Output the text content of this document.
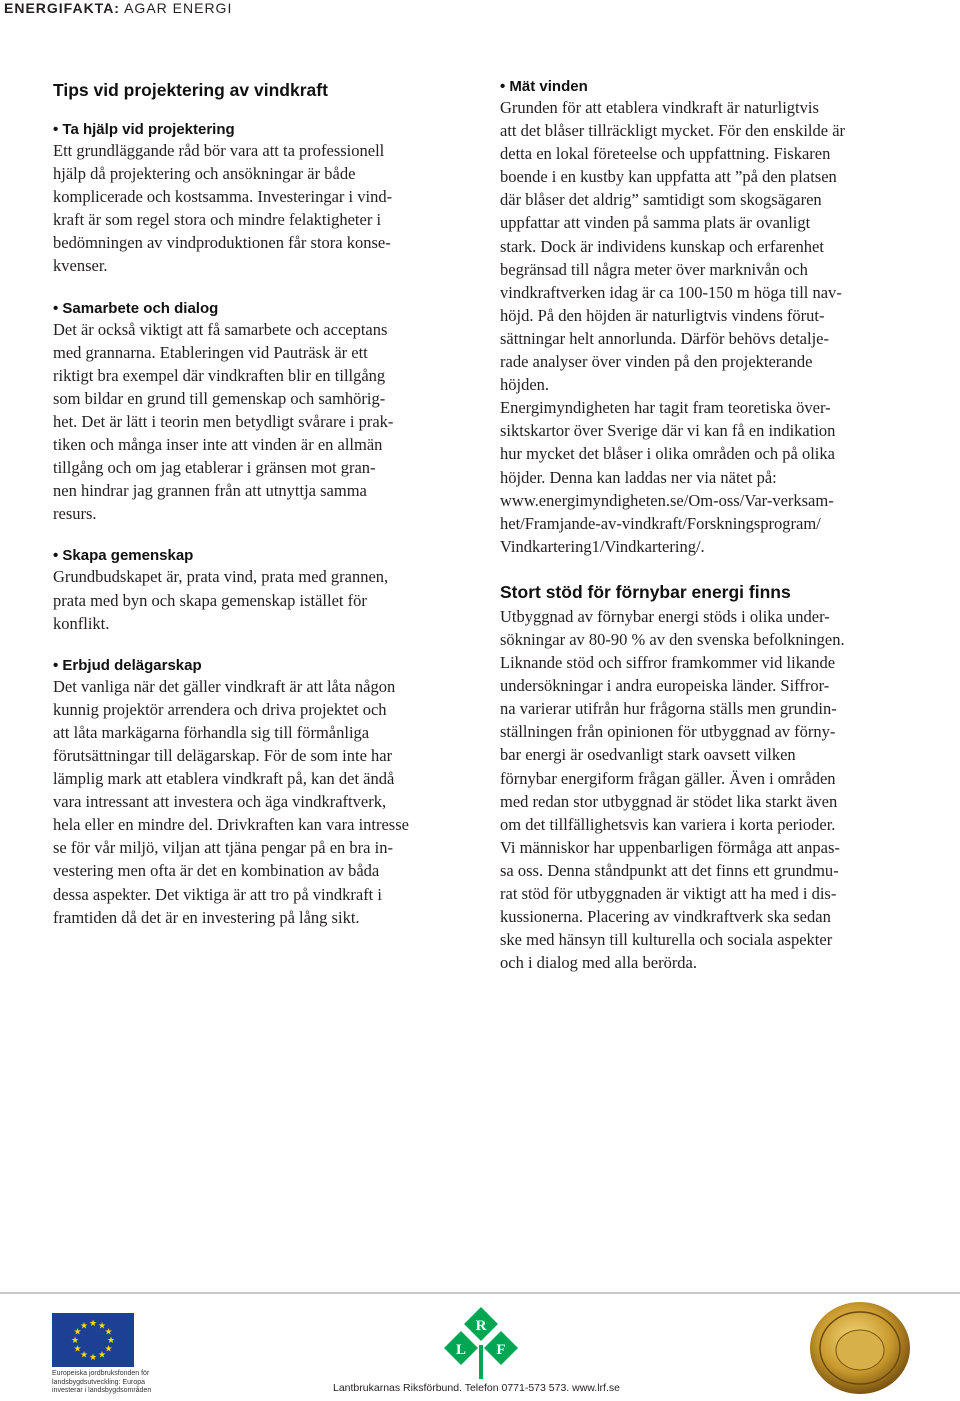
ENERGIFAKTA: AGAR ENERGI
Tips vid projektering av vindkraft

• Ta hjälp vid projektering

Ett grundläggande råd bör vara att ta professionell
hjälp då projektering och ansökningar är både
komplicerade och kostsamma. Investeringar i vind-
kraft är som regel stora och mindre felaktigheter i
bedömningen av vindproduktionen får stora konse-
kvenser.

• Samarbete och dialog

Det är också viktigt att få samarbete och acceptans
med grannarna. Etableringen vid Pauträsk är ett
riktigt bra exempel där vindkraften blir en tillgång
som bildar en grund till gemenskap och samhörig-
het. Det är lätt i teorin men betydligt svårare i prak-
tiken och många inser inte att vinden är en allmän
tillgång och om jag etablerar i gränsen mot gran-
nen hindrar jag grannen från att utnyttja samma
resurs.

• Skapa gemenskap

Grundbudskapet är, prata vind, prata med grannen,
prata med byn och skapa gemenskap istället för
konflikt.

• Erbjud delägarskap

Det vanliga när det gäller vindkraft är att låta någon
kunnig projektör arrendera och driva projektet och
att låta markägarna förhandla sig till förmånliga
förutsättningar till delägarskap. För de som inte har
lämplig mark att etablera vindkraft på, kan det ändå
vara intressant att investera och äga vindkraftverk,
hela eller en mindre del. Drivkraften kan vara intresse
se för vår miljö, viljan att tjäna pengar på en bra in-
vestering men ofta är det en kombination av båda
dessa aspekter. Det viktiga är att tro på vindkraft i
framtiden då det är en investering på lång sikt.

• Mät vinden

Grunden för att etablera vindkraft är naturligtvis
att det blåser tillräckligt mycket. För den enskilde är
detta en lokal företeelse och uppfattning. Fiskaren
boende i en kustby kan uppfatta att ”på den platsen
där blåser det aldrig” samtidigt som skogsägaren
uppfattar att vinden på samma plats är ovanligt
stark. Dock är individens kunskap och erfarenhet
begränsad till några meter över marknivån och
vindkraftverken idag är ca 100-150 m höga till nav-
höjd. På den höjden är naturligtvis vindens förut-
sättningar helt annorlunda. Därför behövs detalje-
rade analyser över vinden på den projekterande
höjden.
Energimyndigheten har tagit fram teoretiska över-
siktskartor över Sverige där vi kan få en indikation
hur mycket det blåser i olika områden och på olika
höjder. Denna kan laddas ner via nätet på:
www.energimyndigheten.se/Om-oss/Var-verksam-
het/Framjande-av-vindkraft/Forskningsprogram/
Vindkartering1/Vindkartering/.

Stort stöd för förnybar energi finns

Utbyggnad av förnybar energi stöds i olika under-
sökningar av 80-90 % av den svenska befolkningen.
Liknande stöd och siffror framkommer vid likande
undersökningar i andra europeiska länder. Siffror-
na varierar utifrån hur frågorna ställs men grundin-
ställningen från opinionen för utbyggnad av förny-
bar energi är osedvanligt stark oavsett vilken
förnybar energiform frågan gäller. Även i områden
med redan stor utbyggnad är stödet lika starkt även
om det tillfällighetsvis kan variera i korta perioder.
Vi människor har uppenbarligen förmåga att anpas-
sa oss. Denna ståndpunkt att det finns ett grundmu-
rat stöd för utbyggnaden är viktigt att ha med i dis-
kussionerna. Placering av vindkraftverk ska sedan
ske med hänsyn till kulturella och sociala aspekter
och i dialog med alla berörda.

★ ★
★
★
★
★
★
★
★
★
★
★
Europeiska jordbruksfonden för landsbygdsutveckling: Europa investerar i landsbygdsområden
R
L F
Lantbrukarnas Riksförbund. Telefon 0771-573 573. www.lrf.se
